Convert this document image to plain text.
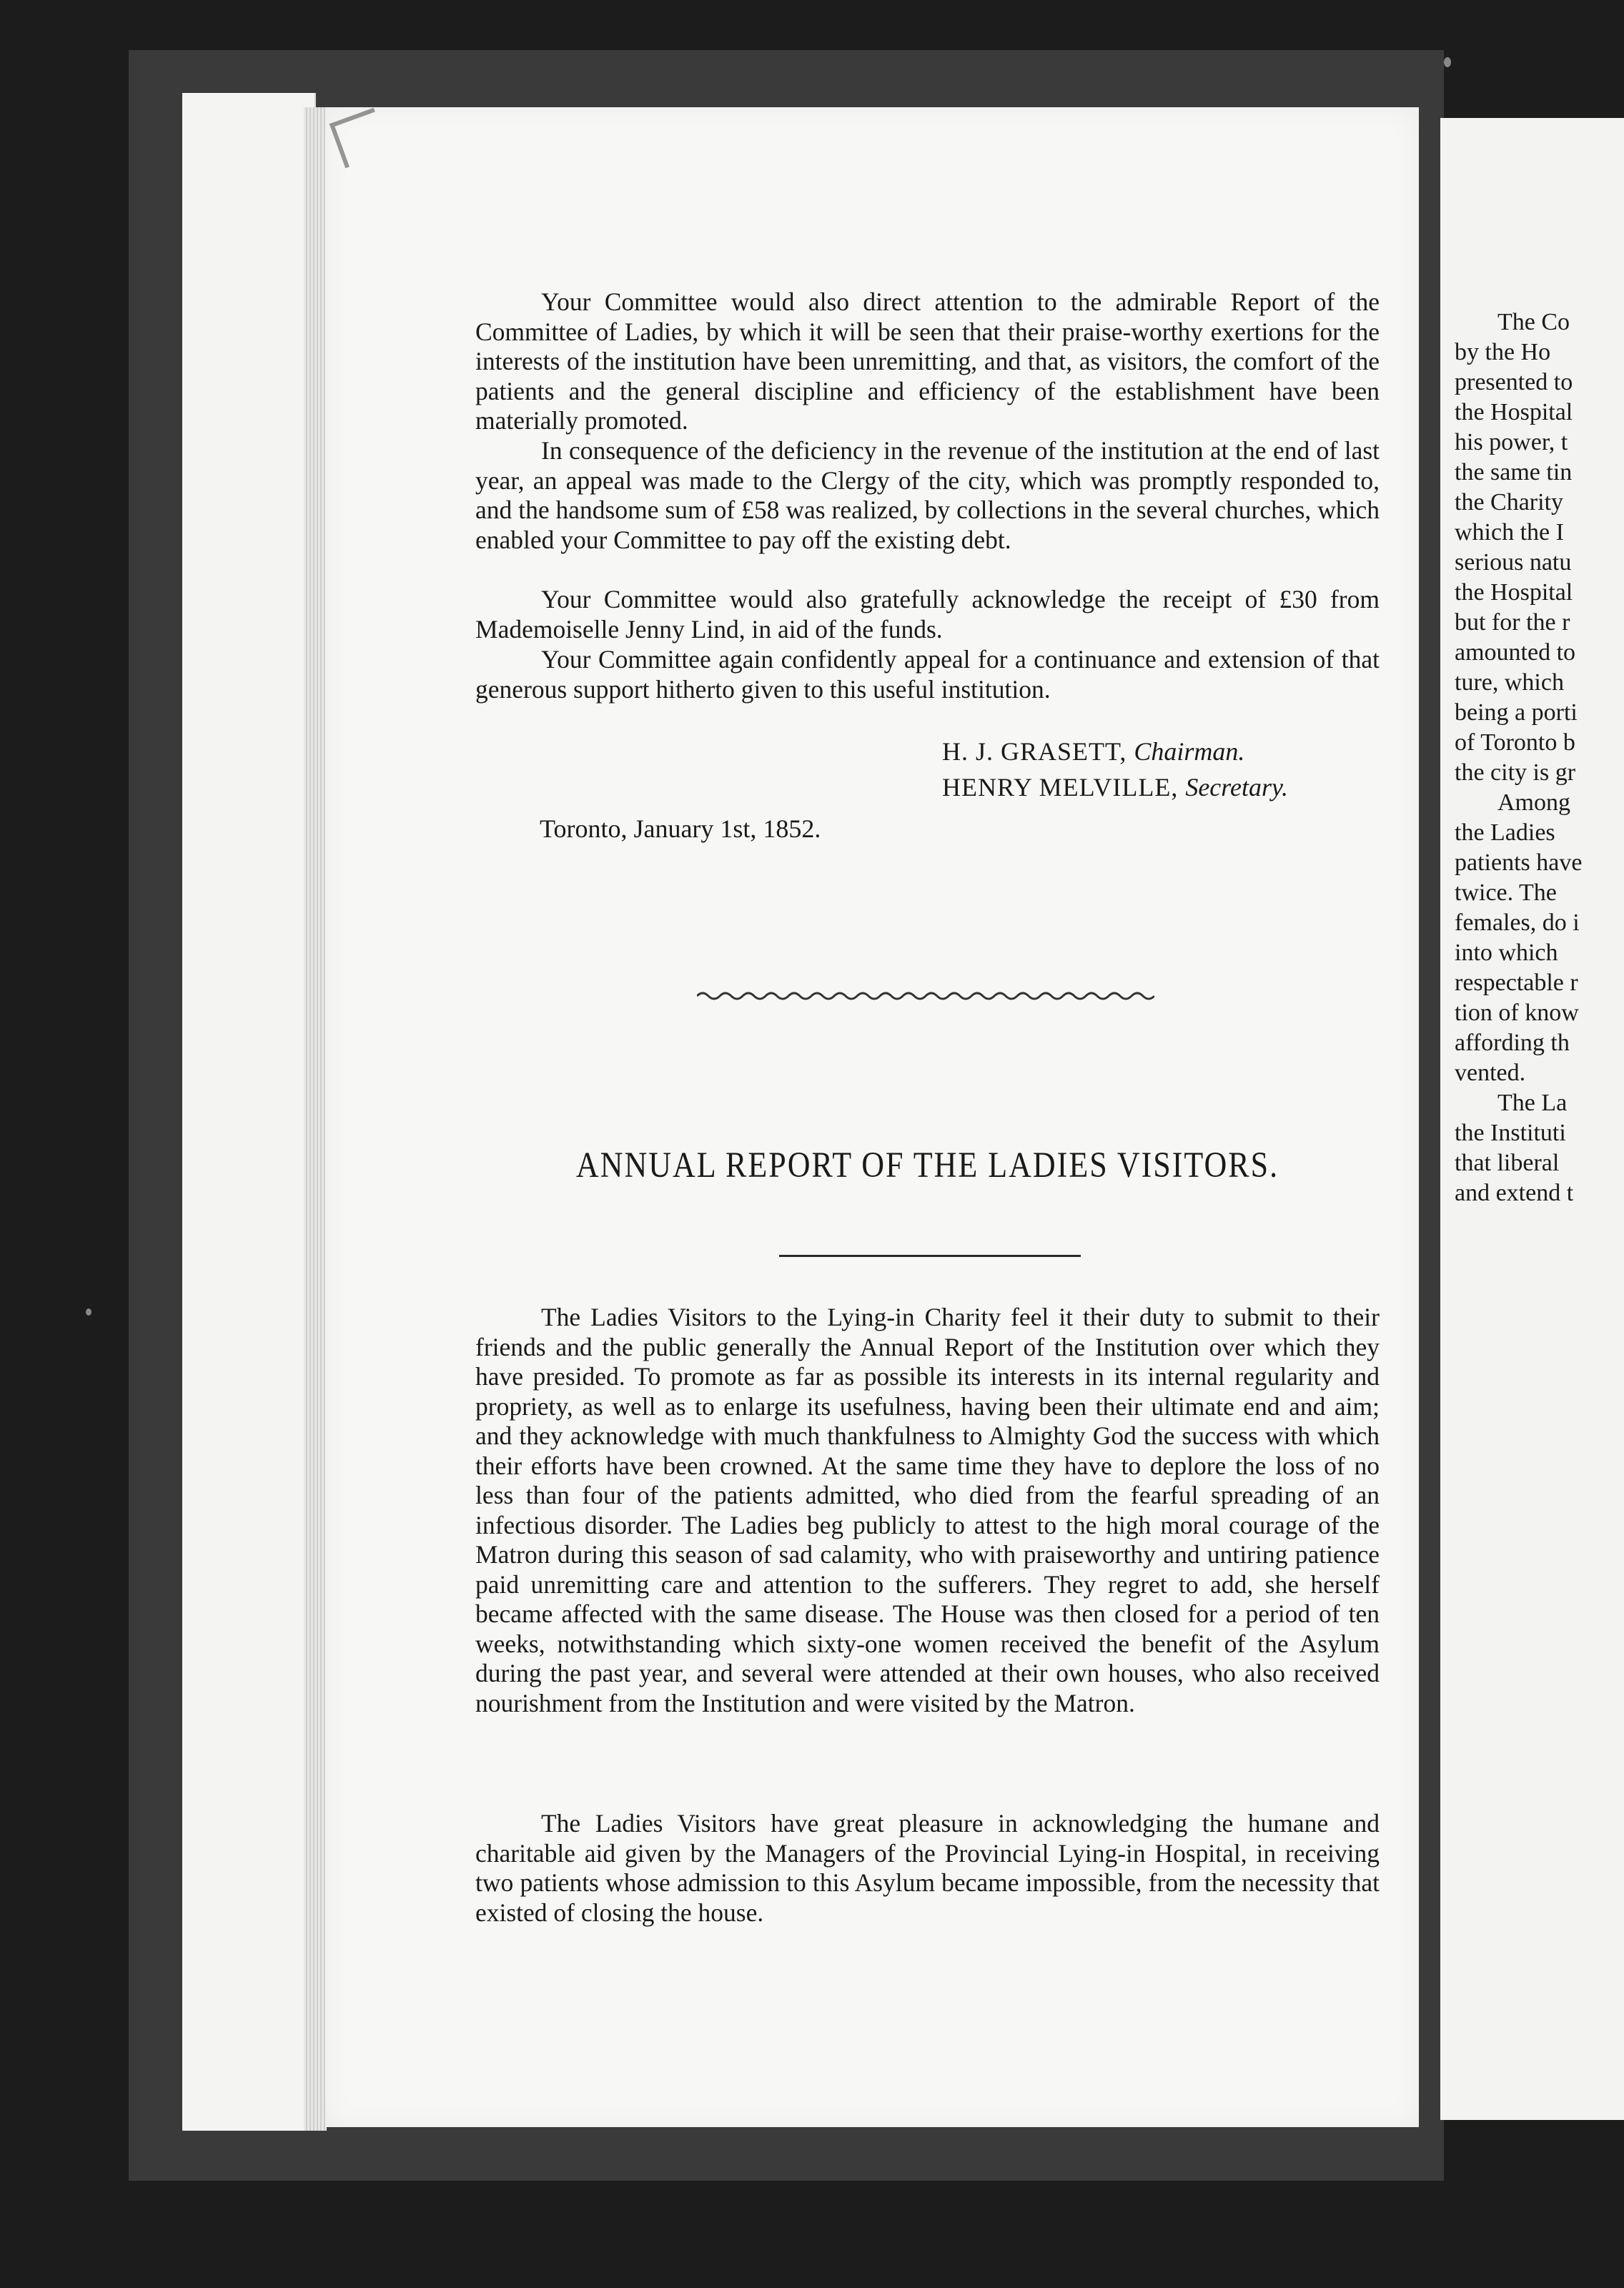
Your Committee would also direct attention to the admirable Report of the Committee of Ladies, by which it will be seen that their praise-worthy exertions for the interests of the institution have been unremitting, and that, as visitors, the comfort of the patients and the general discipline and efficiency of the establishment have been materially promoted.

In consequence of the deficiency in the revenue of the institution at the end of last year, an appeal was made to the Clergy of the city, which was promptly responded to, and the handsome sum of £58 was realized, by collections in the several churches, which enabled your Committee to pay off the existing debt.

Your Committee would also gratefully acknowledge the receipt of £30 from Mademoiselle Jenny Lind, in aid of the funds.

Your Committee again confidently appeal for a continuance and extension of that generous support hitherto given to this useful institution.

H. J. GRASETT, Chairman.
HENRY MELVILLE, Secretary.
Toronto, January 1st, 1852.
ANNUAL REPORT OF THE LADIES VISITORS.

The Ladies Visitors to the Lying-in Charity feel it their duty to submit to their friends and the public generally the Annual Report of the Institution over which they have presided. To promote as far as possible its interests in its internal regularity and propriety, as well as to enlarge its usefulness, having been their ultimate end and aim; and they acknowledge with much thankfulness to Almighty God the success with which their efforts have been crowned. At the same time they have to deplore the loss of no less than four of the patients admitted, who died from the fearful spreading of an infectious disorder. The Ladies beg publicly to attest to the high moral courage of the Matron during this season of sad calamity, who with praiseworthy and untiring patience paid unremitting care and attention to the sufferers. They regret to add, she herself became affected with the same disease. The House was then closed for a period of ten weeks, notwithstanding which sixty-one women received the benefit of the Asylum during the past year, and several were attended at their own houses, who also received nourishment from the Institution and were visited by the Matron.

The Ladies Visitors have great pleasure in acknowledging the humane and charitable aid given by the Managers of the Provincial Lying-in Hospital, in receiving two patients whose admission to this Asylum became impossible, from the necessity that existed of closing the house.

The Co
by the Ho
presented to
the Hospital
his power, t
the same tin
the Charity
which the I
serious natu
the Hospital
but for the r
amounted to
ture, which
being a porti
of Toronto b
the city is gr
Among
the Ladies
patients have
twice. The
females, do i
into which
respectable r
tion of know
affording th
vented.
The La
the Instituti
that liberal
and extend t
